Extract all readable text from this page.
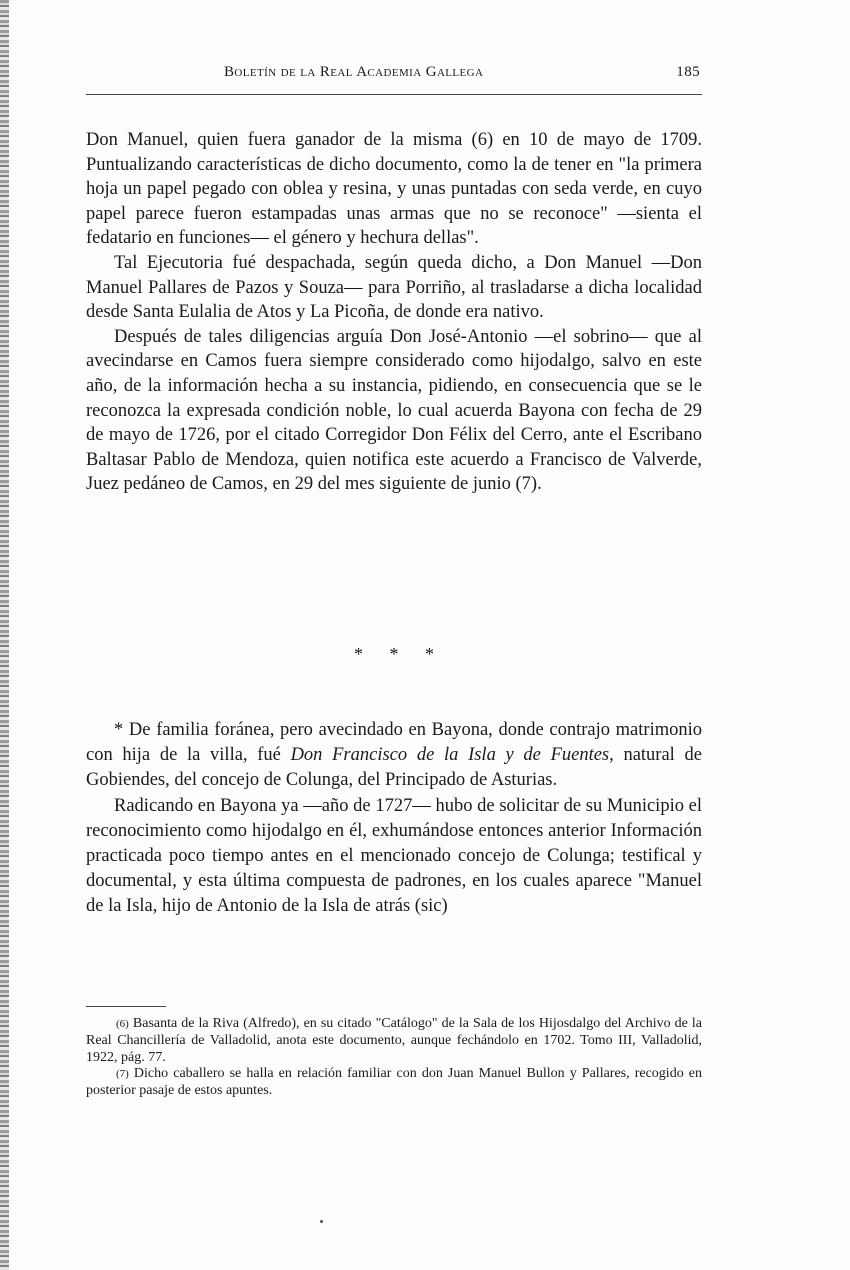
Boletín de la Real Academia Gallega	185

Don Manuel, quien fuera ganador de la misma (6) en 10 de mayo de 1709. Puntualizando características de dicho documento, como la de tener en "la primera hoja un papel pegado con oblea y resina, y unas puntadas con seda verde, en cuyo papel parece fueron estampadas unas armas que no se reconoce" —sienta el fedatario en funciones— el género y hechura dellas".

Tal Ejecutoria fué despachada, según queda dicho, a Don Manuel —Don Manuel Pallares de Pazos y Souza— para Porriño, al trasladarse a dicha localidad desde Santa Eulalia de Atos y La Picoña, de donde era nativo.

Después de tales diligencias arguía Don José-Antonio —el sobrino— que al avecindarse en Camos fuera siempre considerado como hijodalgo, salvo en este año, de la información hecha a su instancia, pidiendo, en consecuencia que se le reconozca la expresada condición noble, lo cual acuerda Bayona con fecha de 29 de mayo de 1726, por el citado Corregidor Don Félix del Cerro, ante el Escribano Baltasar Pablo de Mendoza, quien notifica este acuerdo a Francisco de Valverde, Juez pedáneo de Camos, en 29 del mes siguiente de junio (7).

* * *

* De familia foránea, pero avecindado en Bayona, donde contrajo matrimonio con hija de la villa, fué Don Francisco de la Isla y de Fuentes, natural de Gobiendes, del concejo de Colunga, del Principado de Asturias.

Radicando en Bayona ya —año de 1727— hubo de solicitar de su Municipio el reconocimiento como hijodalgo en él, exhumándose entonces anterior Información practicada poco tiempo antes en el mencionado concejo de Colunga; testifical y documental, y esta última compuesta de padrones, en los cuales aparece "Manuel de la Isla, hijo de Antonio de la Isla de atrás (sic)

(6) Basanta de la Riva (Alfredo), en su citado "Catálogo" de la Sala de los Hijosdalgo del Archivo de la Real Chancillería de Valladolid, anota este documento, aunque fechándolo en 1702. Tomo III, Valladolid, 1922, pág. 77.

(7) Dicho caballero se halla en relación familiar con don Juan Manuel Bullon y Pallares, recogido en posterior pasaje de estos apuntes.
